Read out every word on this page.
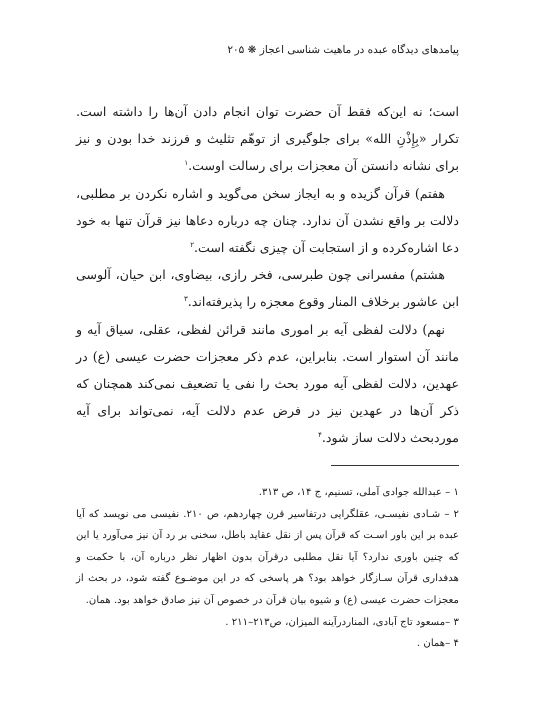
پیامدهای دیدگاه عبده در ماهیت شناسی اعجاز ❋ ۲۰۵

است؛ نه این‌که فقط آن حضرت توان انجام دادن آن‌ها را داشته است. تکرار «بِإِذْنِ الله» برای جلوگیری از توهّم تثلیث و فرزند خدا بودن و نیز برای نشانه دانستن آن معجزات برای رسالت اوست.$^۱$

هفتم) قرآن گزیده و به ایجاز سخن می‌گوید و اشاره نکردن بر مطلبی، دلالت بر واقع نشدن آن ندارد. چنان چه درباره دعاها نیز قرآن تنها به خود دعا اشاره‌کرده و از استجابت آن چیزی نگفته است.$^۲$

هشتم) مفسرانی چون طبرسی، فخر رازی، بیضاوی، ابن حیان، آلوسی ابن عاشور برخلاف المنار وقوع معجزه را پذیرفته‌اند.$^۳$

نهم) دلالت لفظی آیه بر اموری مانند قرائن لفظی، عقلی، سیاق آیه و مانند آن استوار است. بنابراین، عدم ذکر معجزات حضرت عیسی (ع) در عهدین، دلالت لفظی آیه مورد بحث را نفی یا تضعیف نمی‌کند همچنان که ذکر آن‌ها در عهدین نیز در فرض عدم دلالت آیه، نمی‌تواند برای آیه موردبحث دلالت ساز شود.$^۴$

۱ – عبدالله جوادی آملی، تسنیم، ج ۱۴، ص ۳۱۳.

۲ – شـادی نفیسـی، عقلگرایی درتفاسیر قرن چهاردهم، ص ۲۱۰. نفیسی می نویسد که آیا عبده بر این باور اسـت که قرآن پس از نقل عقاید باطل، سخنی بر رد آن نیز می‌آورد یا این که چنین باوری ندارد؟ آیا نقل مطلبی درقرآن بدون اظهار نظر درباره آن، با حکمت و هدفداری قرآن سـازگار خواهد بود؟ هر پاسخی که در این موضـوع گفته شود، در بحث از معجزات حضرت عیسی (ع) و شیوه بیان قرآن در خصوص آن نیز صادق خواهد بود. همان.

۳ –مسعود تاج آبادی، المناردرآینه المیزان، ص۲۱۳–۲۱۱ .

۴ –همان .
